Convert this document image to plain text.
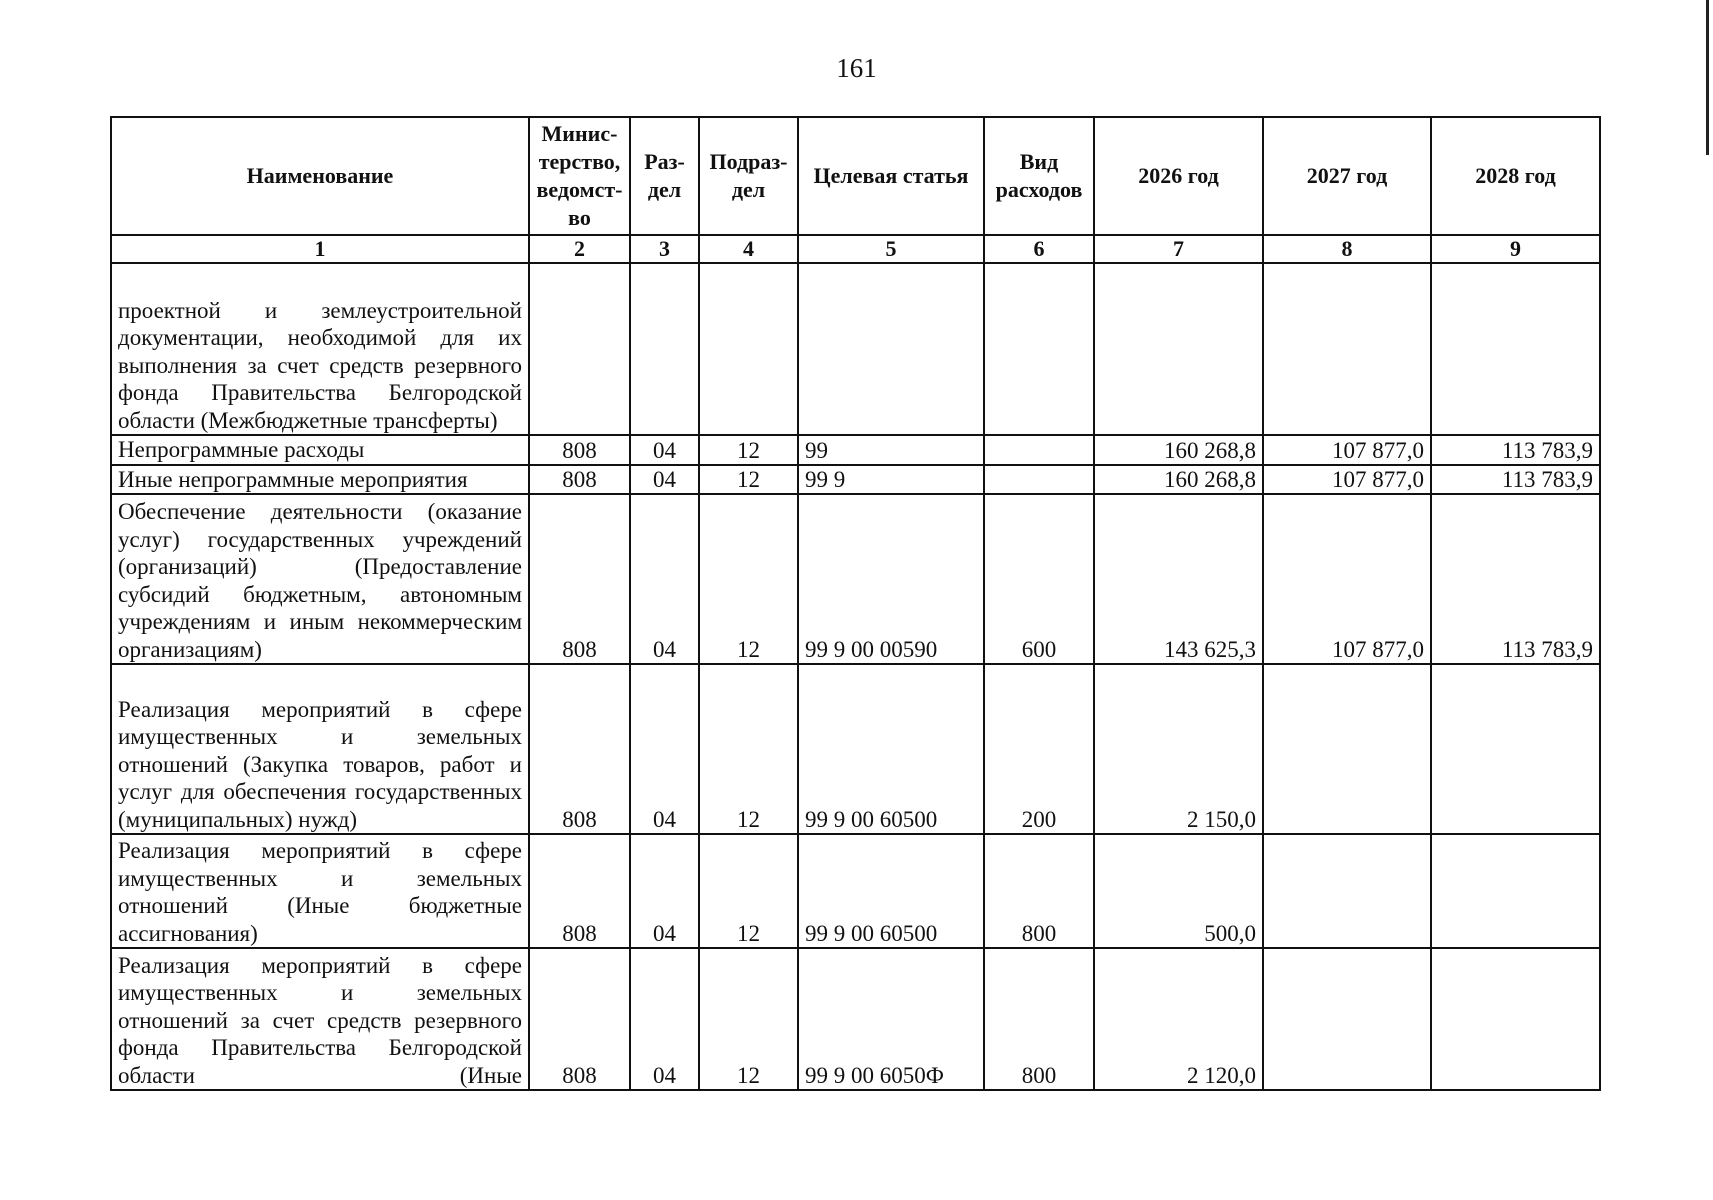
161
Наименование	Минис-терство, ведомст-во	Раз-дел	Подраз-дел	Целевая статья	Вид расходов	2026 год	2027 год	2028 год
1	2	3	4	5	6	7	8	9
проектной и землеустроительной документации, необходимой для их выполнения за счет средств резервного фонда Правительства Белгородской области (Межбюджетные трансферты)								
Непрограммные расходы	808	04	12	99		160 268,8	107 877,0	113 783,9
Иные непрограммные мероприятия	808	04	12	99 9		160 268,8	107 877,0	113 783,9
Обеспечение деятельности (оказание услуг) государственных учреждений (организаций) (Предоставление субсидий бюджетным, автономным учреждениям и иным некоммерческим организациям)	808	04	12	99 9 00 00590	600	143 625,3	107 877,0	113 783,9
Реализация мероприятий в сфере имущественных и земельных отношений (Закупка товаров, работ и услуг для обеспечения государственных (муниципальных) нужд)	808	04	12	99 9 00 60500	200	2 150,0		
Реализация мероприятий в сфере имущественных и земельных отношений (Иные бюджетные ассигнования)	808	04	12	99 9 00 60500	800	500,0		
Реализация мероприятий в сфере имущественных и земельных отношений за счет средств резервного фонда Правительства Белгородской области (Иные	808	04	12	99 9 00 6050Ф	800	2 120,0		
